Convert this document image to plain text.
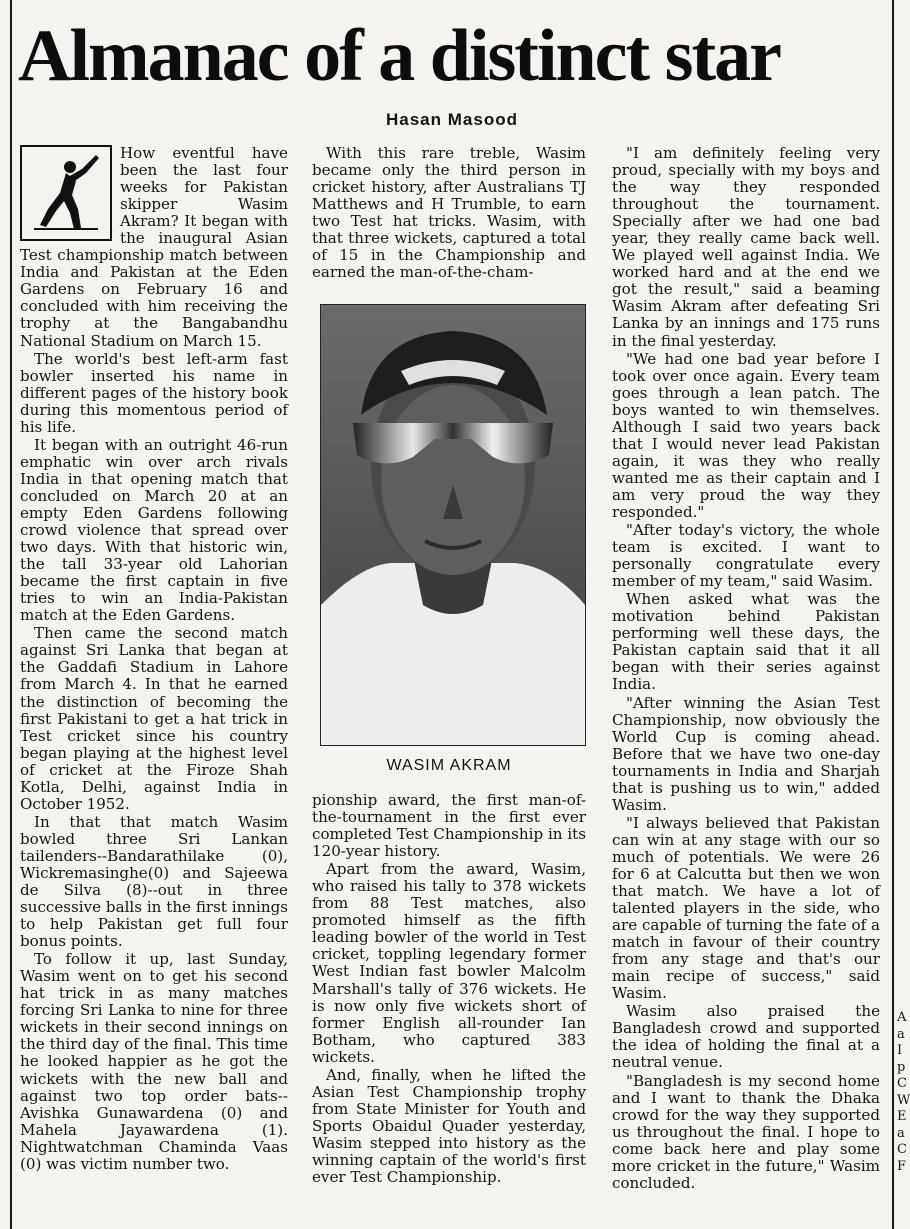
Almanac of a distinct star
Hasan Masood

How eventful have been the last four weeks for Pakistan skipper Wasim Akram? It began with the inaugural Asian Test championship match between India and Pakistan at the Eden Gardens on February 16 and concluded with him receiving the trophy at the Bangabandhu National Stadium on March 15.

The world's best left-arm fast bowler inserted his name in different pages of the history book during this momentous period of his life.

It began with an outright 46-run emphatic win over arch rivals India in that opening match that concluded on March 20 at an empty Eden Gardens following crowd violence that spread over two days. With that historic win, the tall 33-year old Lahorian became the first captain in five tries to win an India-Pakistan match at the Eden Gardens.

Then came the second match against Sri Lanka that began at the Gaddafi Stadium in Lahore from March 4. In that he earned the distinction of becoming the first Pakistani to get a hat trick in Test cricket since his country began playing at the highest level of cricket at the Firoze Shah Kotla, Delhi, against India in October 1952.

In that that match Wasim bowled three Sri Lankan tailenders--Bandarathilake (0), Wickremasinghe(0) and Sajeewa de Silva (8)--out in three successive balls in the first innings to help Pakistan get full four bonus points.

To follow it up, last Sunday, Wasim went on to get his second hat trick in as many matches forcing Sri Lanka to nine for three wickets in their second innings on the third day of the final. This time he looked happier as he got the wickets with the new ball and against two top order bats--Avishka Gunawardena (0) and Mahela Jayawardena (1). Nightwatchman Chaminda Vaas (0) was victim number two.

With this rare treble, Wasim became only the third person in cricket history, after Australians TJ Matthews and H Trumble, to earn two Test hat tricks. Wasim, with that three wickets, captured a total of 15 in the Championship and earned the man-of-the-cham-

WASIM AKRAM

pionship award, the first man-of-the-tournament in the first ever completed Test Championship in its 120-year history.

Apart from the award, Wasim, who raised his tally to 378 wickets from 88 Test matches, also promoted himself as the fifth leading bowler of the world in Test cricket, toppling legendary former West Indian fast bowler Malcolm Marshall's tally of 376 wickets. He is now only five wickets short of former English all-rounder Ian Botham, who captured 383 wickets.

And, finally, when he lifted the Asian Test Championship trophy from State Minister for Youth and Sports Obaidul Quader yesterday, Wasim stepped into history as the winning captain of the world's first ever Test Championship.

"I am definitely feeling very proud, specially with my boys and the way they responded throughout the tournament. Specially after we had one bad year, they really came back well. We played well against India. We worked hard and at the end we got the result," said a beaming Wasim Akram after defeating Sri Lanka by an innings and 175 runs in the final yesterday.

"We had one bad year before I took over once again. Every team goes through a lean patch. The boys wanted to win themselves. Although I said two years back that I would never lead Pakistan again, it was they who really wanted me as their captain and I am very proud the way they responded."

"After today's victory, the whole team is excited. I want to personally congratulate every member of my team," said Wasim.

When asked what was the motivation behind Pakistan performing well these days, the Pakistan captain said that it all began with their series against India.

"After winning the Asian Test Championship, now obviously the World Cup is coming ahead. Before that we have two one-day tournaments in India and Sharjah that is pushing us to win," added Wasim.

"I always believed that Pakistan can win at any stage with our so much of potentials. We were 26 for 6 at Calcutta but then we won that match. We have a lot of talented players in the side, who are capable of turning the fate of a match in favour of their country from any stage and that's our main recipe of success," said Wasim.

Wasim also praised the Bangladesh crowd and supported the idea of holding the final at a neutral venue.

"Bangladesh is my second home and I want to thank the Dhaka crowd for the way they supported us throughout the final. I hope to come back here and play some more cricket in the future," Wasim concluded.

A
a
I
p
C
W
E
a
C
F
